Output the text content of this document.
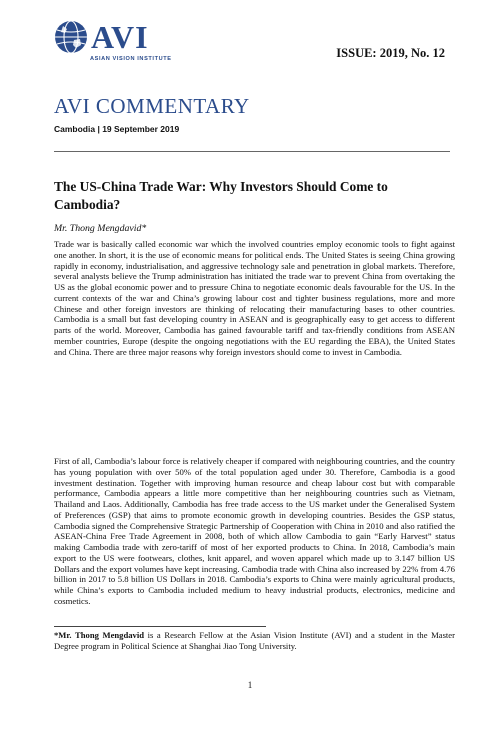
AVI
ASIAN VISION INSTITUTE	ISSUE: 2019, No. 12
AVI COMMENTARY
Cambodia | 19 September 2019
The US-China Trade War: Why Investors Should Come to Cambodia?
Mr. Thong Mengdavid*

Trade war is basically called economic war which the involved countries employ economic tools to fight against one another. In short, it is the use of economic means for political ends. The United States is seeing China growing rapidly in economy, industrialisation, and aggressive technology sale and penetration in global markets. Therefore, several analysts believe the Trump administration has initiated the trade war to prevent China from overtaking the US as the global economic power and to pressure China to negotiate economic deals favourable for the US. In the current contexts of the war and China’s growing labour cost and tighter business regulations, more and more Chinese and other foreign investors are thinking of relocating their manufacturing bases to other countries. Cambodia is a small but fast developing country in ASEAN and is geographically easy to get access to different parts of the world. Moreover, Cambodia has gained favourable tariff and tax-friendly conditions from ASEAN member countries, Europe (despite the ongoing negotiations with the EU regarding the EBA), the United States and China. There are three major reasons why foreign investors should come to invest in Cambodia.

First of all, Cambodia’s labour force is relatively cheaper if compared with neighbouring countries, and the country has young population with over 50% of the total population aged under 30. Therefore, Cambodia is a good investment destination. Together with improving human resource and cheap labour cost but with comparable performance, Cambodia appears a little more competitive than her neighbouring countries such as Vietnam, Thailand and Laos. Additionally, Cambodia has free trade access to the US market under the Generalised System of Preferences (GSP) that aims to promote economic growth in developing countries. Besides the GSP status, Cambodia signed the Comprehensive Strategic Partnership of Cooperation with China in 2010 and also ratified the ASEAN-China Free Trade Agreement in 2008, both of which allow Cambodia to gain “Early Harvest” status making Cambodia trade with zero-tariff of most of her exported products to China. In 2018, Cambodia’s main export to the US were footwears, clothes, knit apparel, and woven apparel which made up to 3.147 billion US Dollars and the export volumes have kept increasing. Cambodia trade with China also increased by 22% from 4.76 billion in 2017 to 5.8 billion US Dollars in 2018. Cambodia’s exports to China were mainly agricultural products, while China’s exports to Cambodia included medium to heavy industrial products, electronics, medicine and cosmetics.

*Mr. Thong Mengdavid is a Research Fellow at the Asian Vision Institute (AVI) and a student in the Master Degree program in Political Science at Shanghai Jiao Tong University.

1
